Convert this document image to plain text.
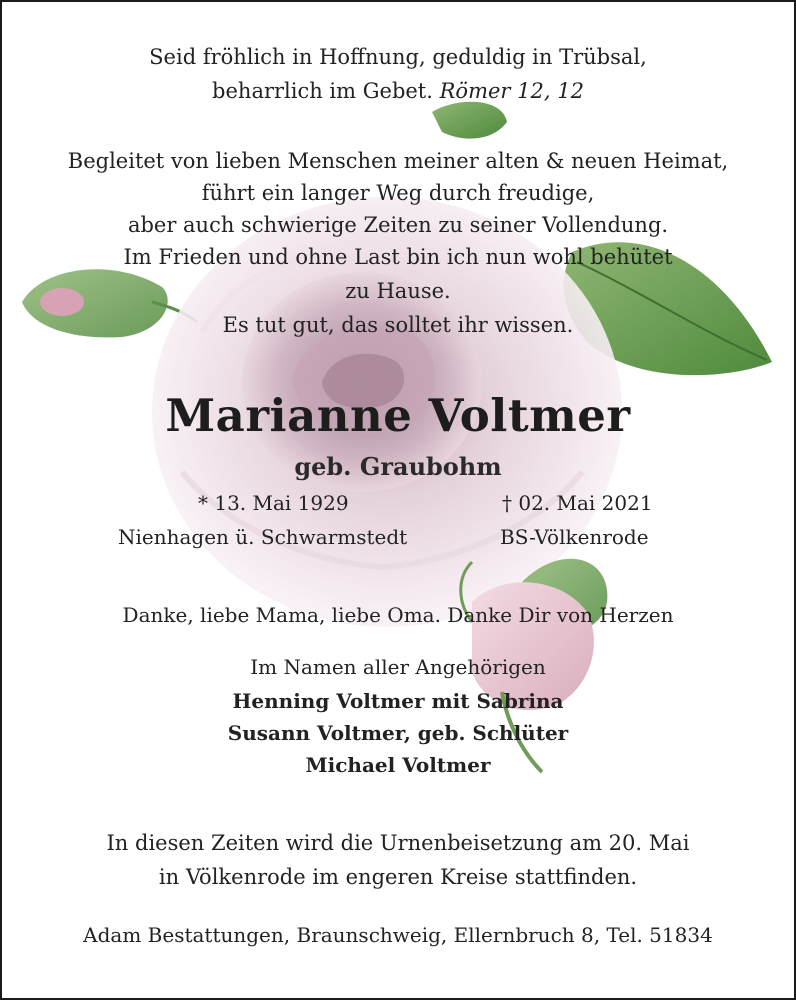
Seid fröhlich in Hoffnung, geduldig in Trübsal,
beharrlich im Gebet. Römer 12, 12
Begleitet von lieben Menschen meiner alten & neuen Heimat,
führt ein langer Weg durch freudige,
aber auch schwierige Zeiten zu seiner Vollendung.
Im Frieden und ohne Last bin ich nun wohl behütet
zu Hause.
Es tut gut, das solltet ihr wissen.
Marianne Voltmer
geb. Graubohm
* 13. Mai 1929
Nienhagen ü. Schwarmstedt
† 02. Mai 2021
BS-Völkenrode
Danke, liebe Mama, liebe Oma. Danke Dir von Herzen
Im Namen aller Angehörigen
Henning Voltmer mit Sabrina
Susann Voltmer, geb. Schlüter
Michael Voltmer
In diesen Zeiten wird die Urnenbeisetzung am 20. Mai
in Völkenrode im engeren Kreise stattfinden.
Adam Bestattungen, Braunschweig, Ellernbruch 8, Tel. 51834
